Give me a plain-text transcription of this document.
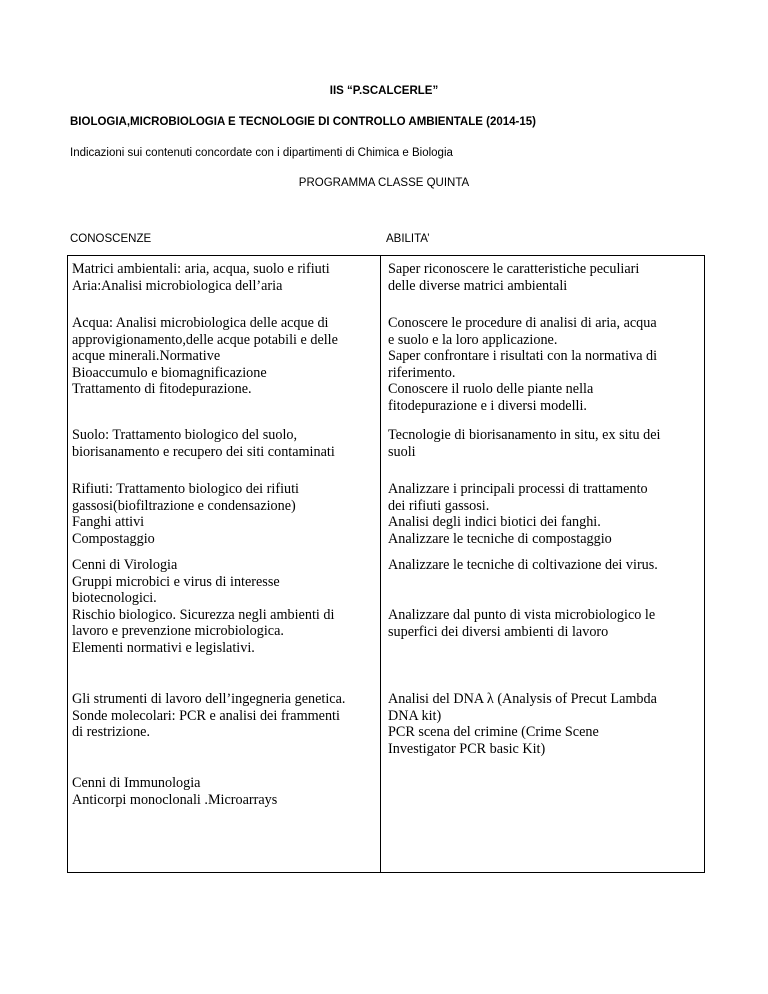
IIS “P.SCALCERLE”
BIOLOGIA,MICROBIOLOGIA E TECNOLOGIE DI CONTROLLO AMBIENTALE (2014-15)
Indicazioni sui contenuti concordate con i dipartimenti di Chimica e Biologia
PROGRAMMA CLASSE QUINTA
CONOSCENZE	ABILITA’
Matrici ambientali: aria, acqua, suolo e rifiuti
Aria:Analisi microbiologica dell’aria
Saper riconoscere le caratteristiche peculiari
delle diverse matrici ambientali
Acqua: Analisi microbiologica delle acque di
approvigionamento,delle acque potabili e delle
acque minerali.Normative
Bioaccumulo e biomagnificazione
Trattamento di fitodepurazione.
Conoscere le procedure di analisi di aria, acqua
e suolo e la loro applicazione.
Saper confrontare i risultati con la normativa di
riferimento.
Conoscere il ruolo delle piante nella
fitodepurazione e i diversi modelli.
Suolo: Trattamento biologico del suolo,
biorisanamento e recupero dei siti contaminati
Tecnologie di biorisanamento in situ, ex situ dei
suoli
Rifiuti: Trattamento biologico dei rifiuti
gassosi(biofiltrazione e condensazione)
Fanghi attivi
Compostaggio
Analizzare i principali processi di trattamento
dei rifiuti gassosi.
Analisi degli indici biotici dei fanghi.
Analizzare le tecniche di compostaggio
Cenni di Virologia
Gruppi microbici e virus di interesse
biotecnologici.
Rischio biologico. Sicurezza negli ambienti di
lavoro e prevenzione microbiologica.
Elementi normativi e legislativi.
Analizzare le tecniche di coltivazione dei virus.
Analizzare dal punto di vista microbiologico le
superfici dei diversi ambienti di lavoro
Gli strumenti di lavoro dell’ingegneria genetica.
Sonde molecolari: PCR e analisi dei frammenti
di restrizione.
Analisi del DNA λ (Analysis of Precut Lambda
DNA kit)
PCR scena del crimine (Crime Scene
Investigator PCR basic Kit)
Cenni di Immunologia
Anticorpi monoclonali .Microarrays
